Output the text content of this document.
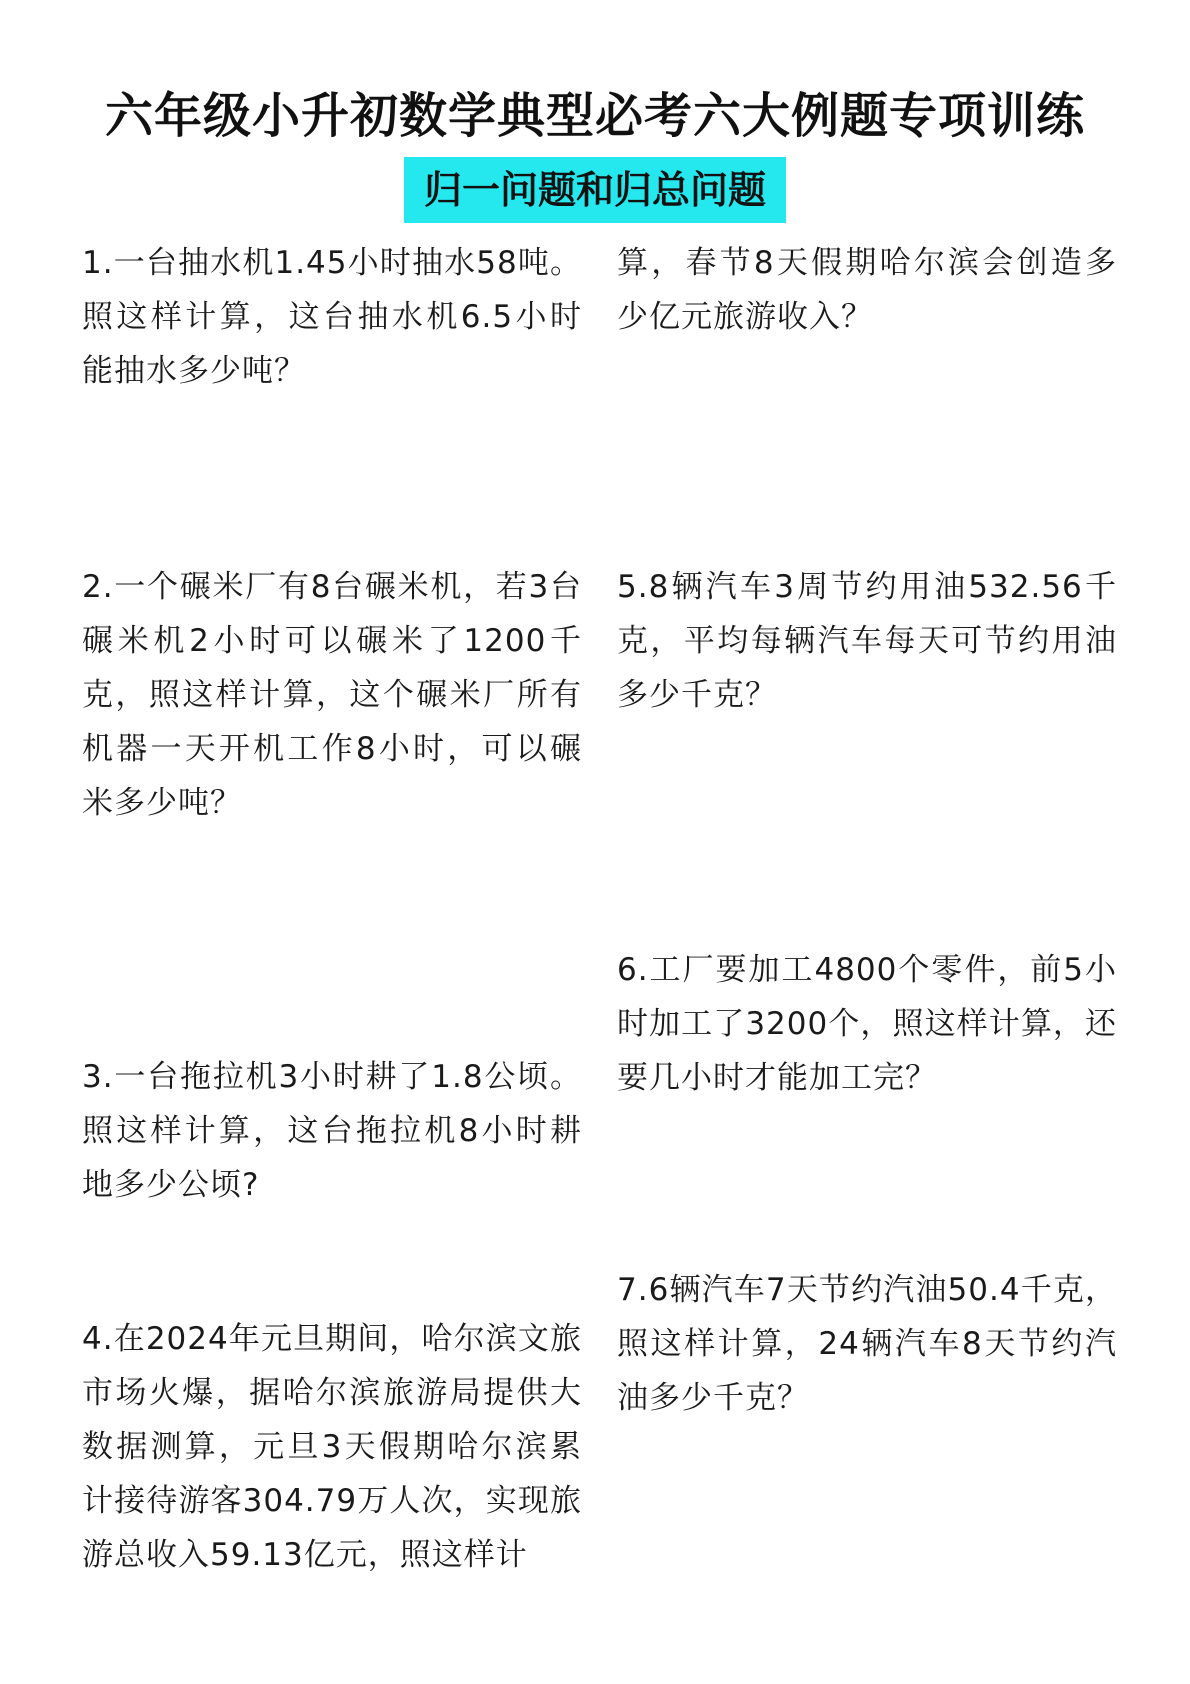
六年级小升初数学典型必考六大例题专项训练
归一问题和归总问题
1.一台抽水机1.45小时抽水58吨。照这样计算，这台抽水机6.5小时能抽水多少吨？
2.一个碾米厂有8台碾米机，若3台碾米机2小时可以碾米了1200千克，照这样计算，这个碾米厂所有机器一天开机工作8小时，可以碾米多少吨？
3.一台拖拉机3小时耕了1.8公顷。照这样计算，这台拖拉机8小时耕地多少公顷?
4.在2024年元旦期间，哈尔滨文旅市场火爆，据哈尔滨旅游局提供大数据测算，元旦3天假期哈尔滨累计接待游客304.79万人次，实现旅游总收入59.13亿元，照这样计
算，春节8天假期哈尔滨会创造多少亿元旅游收入？
5.8辆汽车3周节约用油532.56千克，平均每辆汽车每天可节约用油多少千克？
6.工厂要加工4800个零件，前5小时加工了3200个，照这样计算，还要几小时才能加工完？
7.6辆汽车7天节约汽油50.4千克，照这样计算，24辆汽车8天节约汽油多少千克？
